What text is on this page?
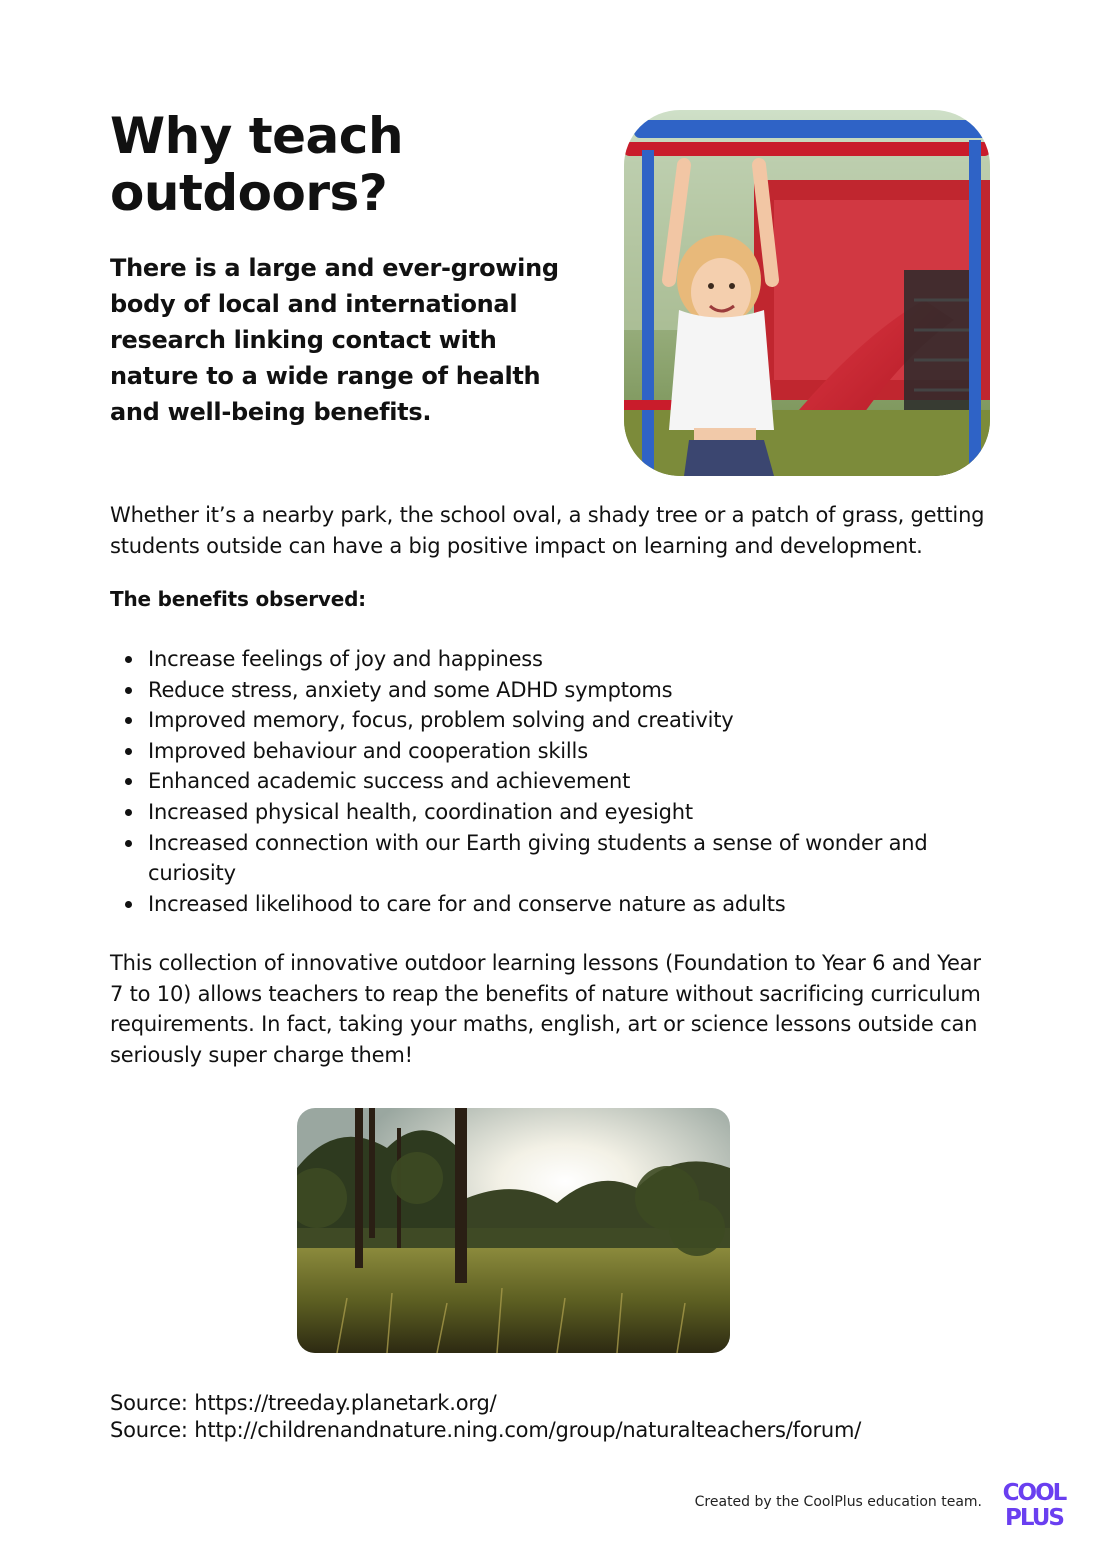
Why teach outdoors?

There is a large and ever-growing body of local and international research linking contact with nature to a wide range of health and well-being benefits.

Whether it’s a nearby park, the school oval, a shady tree or a patch of grass, getting students outside can have a big positive impact on learning and development.

The benefits observed:

Increase feelings of joy and happiness
Reduce stress, anxiety and some ADHD symptoms
Improved memory, focus, problem solving and creativity
Improved behaviour and cooperation skills
Enhanced academic success and achievement
Increased physical health, coordination and eyesight
Increased connection with our Earth giving students a sense of wonder and curiosity
Increased likelihood to care for and conserve nature as adults

This collection of innovative outdoor learning lessons (Foundation to Year 6 and Year 7 to 10) allows teachers to reap the benefits of nature without sacrificing curriculum requirements. In fact, taking your maths, english, art or science lessons outside can seriously super charge them!

Source: https://treeday.planetark.org/
Source: http://childrenandnature.ning.com/group/naturalteachers/forum/
Created by the CoolPlus education team. COOL
PLUS
